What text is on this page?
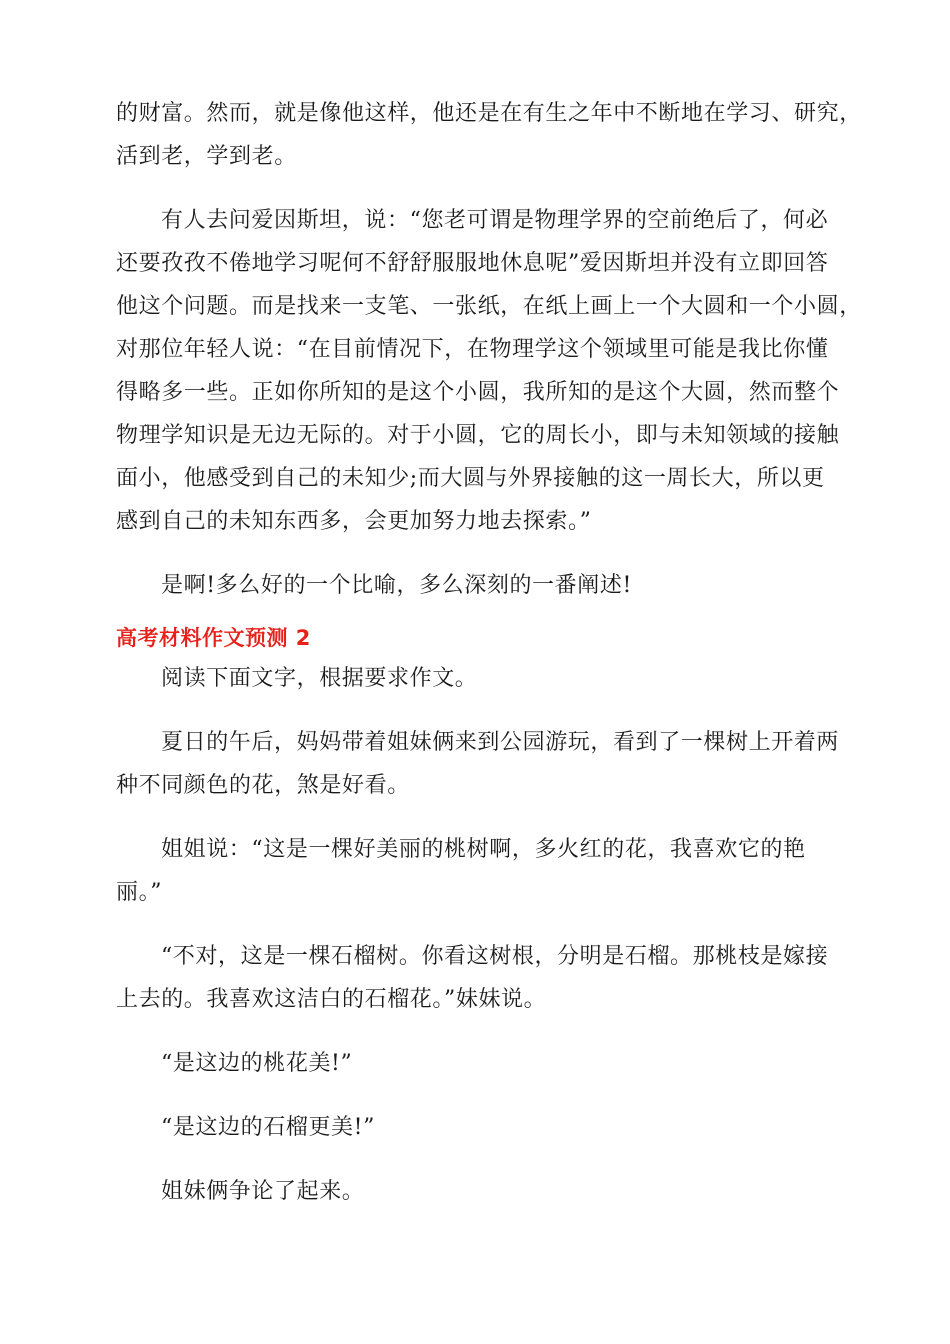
的财富。然而，就是像他这样，他还是在有生之年中不断地在学习、研究，
活到老，学到老。
有人去问爱因斯坦，说：“您老可谓是物理学界的空前绝后了，何必
还要孜孜不倦地学习呢何不舒舒服服地休息呢”爱因斯坦并没有立即回答
他这个问题。而是找来一支笔、一张纸，在纸上画上一个大圆和一个小圆，
对那位年轻人说：“在目前情况下，在物理学这个领域里可能是我比你懂
得略多一些。正如你所知的是这个小圆，我所知的是这个大圆，然而整个
物理学知识是无边无际的。对于小圆，它的周长小，即与未知领域的接触
面小，他感受到自己的未知少;而大圆与外界接触的这一周长大，所以更
感到自己的未知东西多，会更加努力地去探索。”
是啊!多么好的一个比喻，多么深刻的一番阐述!
高考材料作文预测 2
阅读下面文字，根据要求作文。
夏日的午后，妈妈带着姐妹俩来到公园游玩，看到了一棵树上开着两
种不同颜色的花，煞是好看。
姐姐说：“这是一棵好美丽的桃树啊，多火红的花，我喜欢它的艳
丽。”
“不对，这是一棵石榴树。你看这树根，分明是石榴。那桃枝是嫁接
上去的。我喜欢这洁白的石榴花。”妹妹说。
“是这边的桃花美!”
“是这边的石榴更美!”
姐妹俩争论了起来。
